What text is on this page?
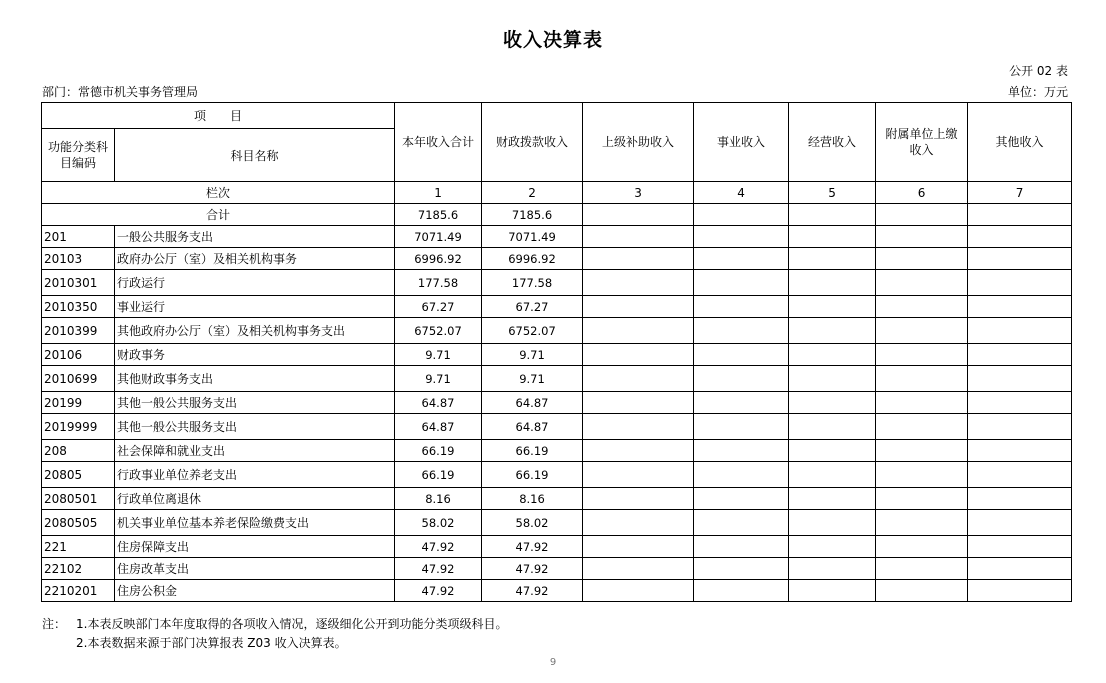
收入决算表
公开 02 表
部门：常德市机关事务管理局	单位：万元
项　　目		本年收入合计	财政拨款收入	上级补助收入	事业收入	经营收入	附属单位上缴收入	其他收入
功能分类科目编码	科目名称							
栏次		1	2	3	4	5	6	7
合计		7185.6	7185.6					
201	一般公共服务支出	7071.49	7071.49					
20103	政府办公厅（室）及相关机构事务	6996.92	6996.92					
2010301	行政运行	177.58	177.58					
2010350	事业运行	67.27	67.27					
2010399	其他政府办公厅（室）及相关机构事务支出	6752.07	6752.07					
20106	财政事务	9.71	9.71					
2010699	其他财政事务支出	9.71	9.71					
20199	其他一般公共服务支出	64.87	64.87					
2019999	其他一般公共服务支出	64.87	64.87					
208	社会保障和就业支出	66.19	66.19					
20805	行政事业单位养老支出	66.19	66.19					
2080501	行政单位离退休	8.16	8.16					
2080505	机关事业单位基本养老保险缴费支出	58.02	58.02					
221	住房保障支出	47.92	47.92					
22102	住房改革支出	47.92	47.92					
2210201	住房公积金	47.92	47.92					
注： 1.本表反映部门本年度取得的各项收入情况，逐级细化公开到功能分类项级科目。
2.本表数据来源于部门决算报表 Z03 收入决算表。
9
